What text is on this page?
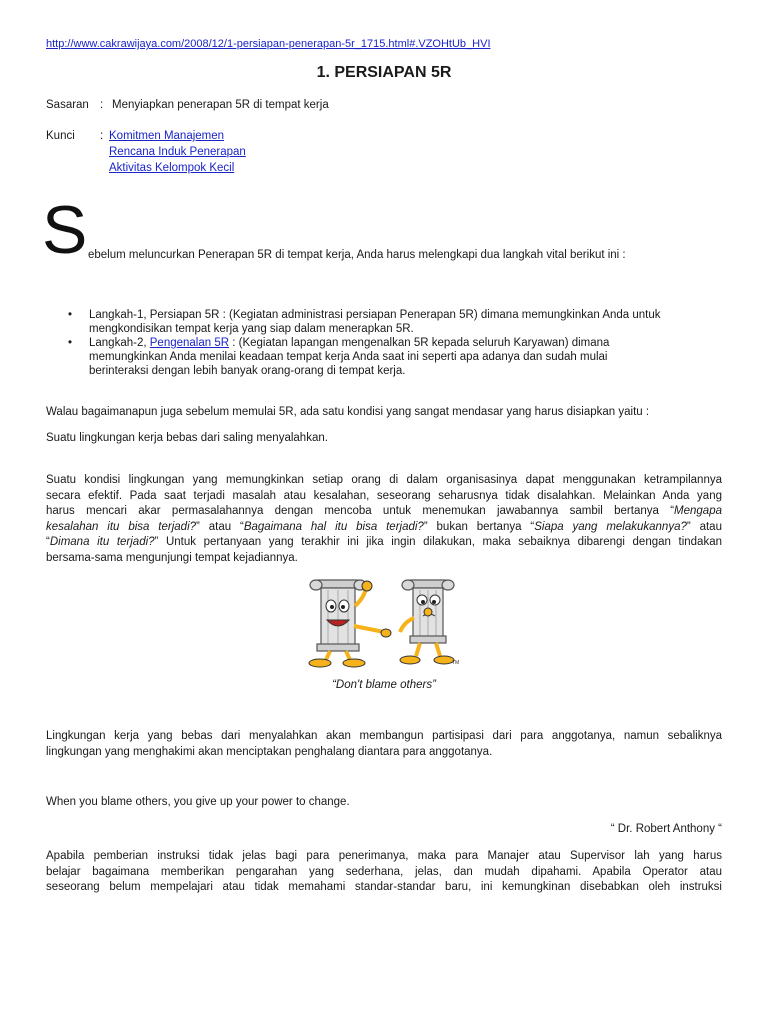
http://www.cakrawijaya.com/2008/12/1-persiapan-penerapan-5r_1715.html#.VZOHtUb_HVI
1. PERSIAPAN 5R
Sasaran : Menyiapkan penerapan 5R di tempat kerja
Kunci : Komitmen Manajemen
Rencana Induk Penerapan
Aktivitas Kelompok Kecil
S ebelum meluncurkan Penerapan 5R di tempat kerja, Anda harus melengkapi dua langkah vital berikut ini :
• Langkah-1, Persiapan 5R : (Kegiatan administrasi persiapan Penerapan 5R) dimana memungkinkan Anda untuk
mengkondisikan tempat kerja yang siap dalam menerapkan 5R.
• Langkah-2, Pengenalan 5R : (Kegiatan lapangan mengenalkan 5R kepada seluruh Karyawan) dimana
memungkinkan Anda menilai keadaan tempat kerja Anda saat ini seperti apa adanya dan sudah mulai
berinteraksi dengan lebih banyak orang-orang di tempat kerja.
Walau bagaimanapun juga sebelum memulai 5R, ada satu kondisi yang sangat mendasar yang harus disiapkan yaitu :
Suatu lingkungan kerja bebas dari saling menyalahkan.
Suatu kondisi lingkungan yang memungkinkan setiap orang di dalam organisasinya dapat menggunakan ketrampilannya
secara efektif. Pada saat terjadi masalah atau kesalahan, seseorang seharusnya tidak disalahkan. Melainkan Anda yang
harus mencari akar permasalahannya dengan mencoba untuk menemukan jawabannya sambil bertanya “Mengapa
kesalahan itu bisa terjadi?” atau “Bagaimana hal itu bisa terjadi?” bukan bertanya “Siapa yang melakukannya?” atau
“Dimana itu terjadi?” Untuk pertanyaan yang terakhir ini jika ingin dilakukan, maka sebaiknya dibarengi dengan tindakan
bersama-sama mengunjungi tempat kejadiannya.
TM
“Don't blame others”
Lingkungan kerja yang bebas dari menyalahkan akan membangun partisipasi dari para anggotanya, namun sebaliknya
lingkungan yang menghakimi akan menciptakan penghalang diantara para anggotanya.
When you blame others, you give up your power to change.
“ Dr. Robert Anthony “
Apabila pemberian instruksi tidak jelas bagi para penerimanya, maka para Manajer atau Supervisor lah yang harus
belajar bagaimana memberikan pengarahan yang sederhana, jelas, dan mudah dipahami. Apabila Operator atau
seseorang belum mempelajari atau tidak memahami standar-standar baru, ini kemungkinan disebabkan oleh instruksi
